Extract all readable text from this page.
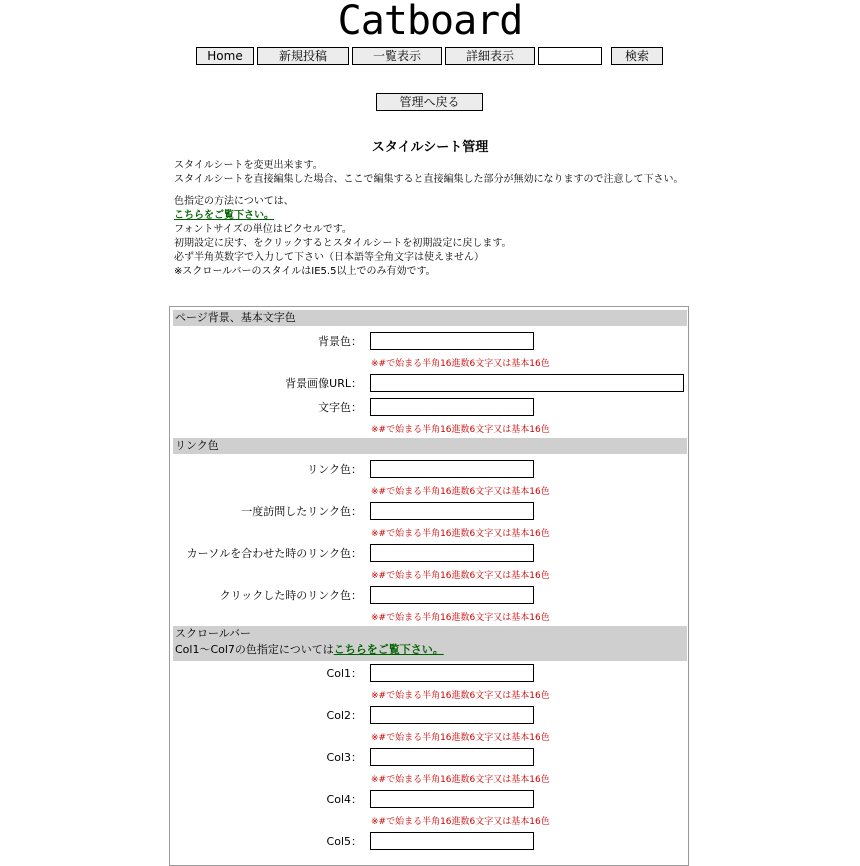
Catboard
Home	新規投稿	一覧表示	詳細表示	検索
管理へ戻る
スタイルシート管理

スタイルシートを変更出来ます。

スタイルシートを直接編集した場合、ここで編集すると直接編集した部分が無効になりますので注意して下さい。

色指定の方法については、

こちらをご覧下さい。

フォントサイズの単位はピクセルです。

初期設定に戻す、をクリックするとスタイルシートを初期設定に戻します。

必ず半角英数字で入力して下さい（日本語等全角文字は使えません）

※スクロールバーのスタイルはIE5.5以上でのみ有効です。

ページ背景、基本文字色
背景色：
※#で始まる半角16進数6文字又は基本16色
背景画像URL：
文字色：
※#で始まる半角16進数6文字又は基本16色
リンク色
リンク色：
※#で始まる半角16進数6文字又は基本16色
一度訪問したリンク色：
※#で始まる半角16進数6文字又は基本16色
カーソルを合わせた時のリンク色：
※#で始まる半角16進数6文字又は基本16色
クリックした時のリンク色：
※#で始まる半角16進数6文字又は基本16色
スクロールバー
Col1〜Col7の色指定についてはこちらをご覧下さい。
Col1：
※#で始まる半角16進数6文字又は基本16色
Col2：
※#で始まる半角16進数6文字又は基本16色
Col3：
※#で始まる半角16進数6文字又は基本16色
Col4：
※#で始まる半角16進数6文字又は基本16色
Col5：
